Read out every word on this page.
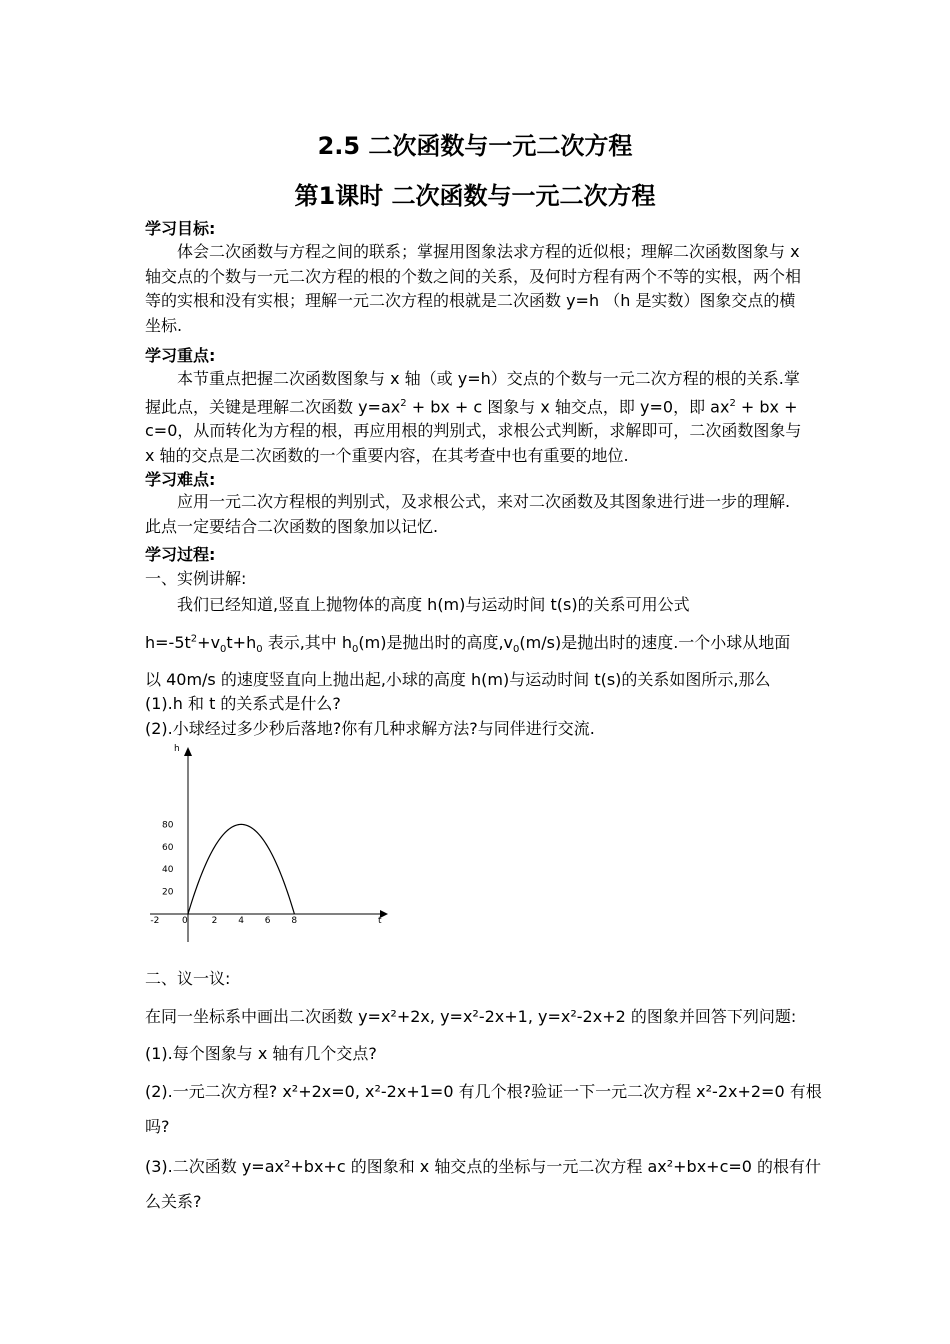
2.5 二次函数与一元二次方程
第1课时 二次函数与一元二次方程
学习目标:
体会二次函数与方程之间的联系；掌握用图象法求方程的近似根；理解二次函数图象与 x 轴交点的个数与一元二次方程的根的个数之间的关系，及何时方程有两个不等的实根，两个相等的实根和没有实根；理解一元二次方程的根就是二次函数 y=h （h 是实数）图象交点的横坐标.
学习重点:
本节重点把握二次函数图象与 x 轴（或 y=h）交点的个数与一元二次方程的根的关系.掌握此点，关键是理解二次函数 $y=ax^2$ + bx + c 图象与 x 轴交点，即 y=0，即 $ax^2$ + bx + c=0，从而转化为方程的根，再应用根的判别式，求根公式判断，求解即可，二次函数图象与 x 轴的交点是二次函数的一个重要内容，在其考查中也有重要的地位.
学习难点:
应用一元二次方程根的判别式，及求根公式，来对二次函数及其图象进行进一步的理解. 此点一定要结合二次函数的图象加以记忆.
学习过程:
一、实例讲解:
我们已经知道,竖直上抛物体的高度 h(m)与运动时间 t(s)的关系可用公式
$h=-5t^2+v_0t+h_0$ 表示,其中 $h_0(m)$是抛出时的高度$,v_0(m/s)$是抛出时的速度.一个小球从地面
以 40m/s 的速度竖直向上抛出起,小球的高度 h(m)与运动时间 t(s)的关系如图所示,那么
(1).h 和 t 的关系式是什么?
(2).小球经过多少秒后落地?你有几种求解方法?与同伴进行交流.
h
t
-2	0	2 4 6 8
20
40
60
80
二、议一议:
在同一坐标系中画出二次函数 y=x²+2x, y=x²-2x+1, y=x²-2x+2 的图象并回答下列问题:
(1).每个图象与 x 轴有几个交点?
(2).一元二次方程? x²+2x=0, x²-2x+1=0 有几个根?验证一下一元二次方程 x²-2x+2=0 有根
吗?
(3).二次函数 y=ax²+bx+c 的图象和 x 轴交点的坐标与一元二次方程 ax²+bx+c=0 的根有什
么关系?
